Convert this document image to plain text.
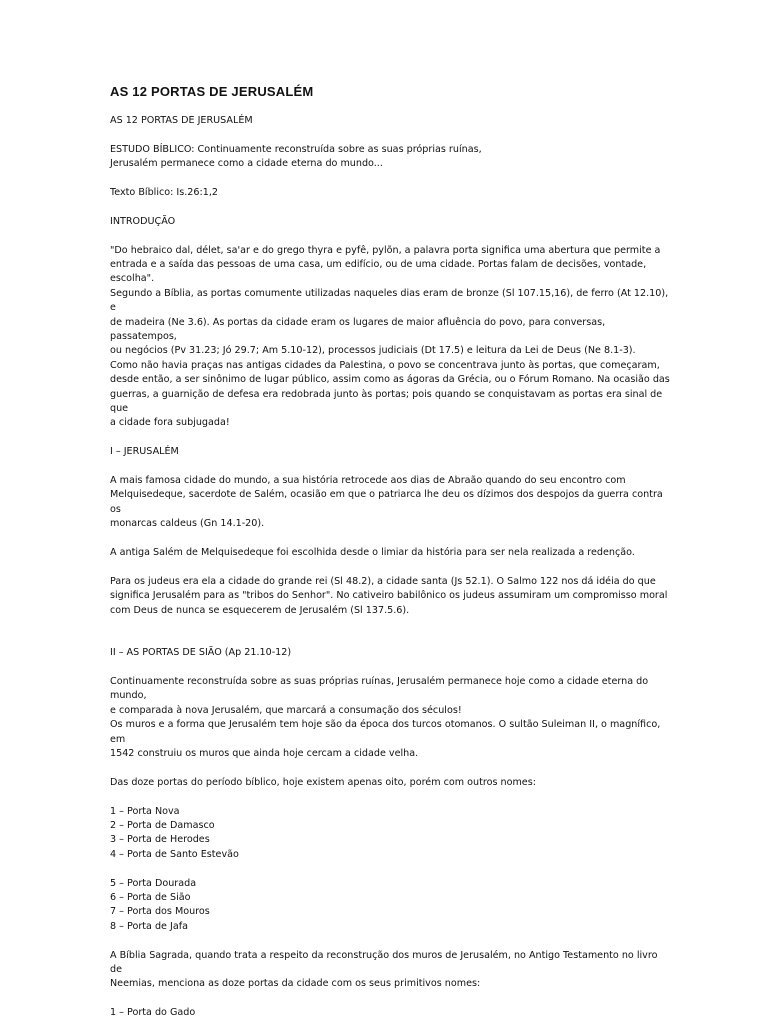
AS 12 PORTAS DE JERUSALÉM

AS 12 PORTAS DE JERUSALÉM

ESTUDO BÍBLICO: Continuamente reconstruída sobre as suas próprias ruínas,
Jerusalém permanece como a cidade eterna do mundo...

Texto Bíblico: Is.26:1,2

INTRODUÇÃO

"Do hebraico dal, délet, sa'ar e do grego thyra e pyfê, pylõn, a palavra porta significa uma abertura que permite a
entrada e a saída das pessoas de uma casa, um edifício, ou de uma cidade. Portas falam de decisões, vontade,
escolha".
Segundo a Bíblia, as portas comumente utilizadas naqueles dias eram de bronze (Sl 107.15,16), de ferro (At 12.10), e
de madeira (Ne 3.6). As portas da cidade eram os lugares de maior afluência do povo, para conversas, passatempos,
ou negócios (Pv 31.23; Jó 29.7; Am 5.10-12), processos judiciais (Dt 17.5) e leitura da Lei de Deus (Ne 8.1-3).
Como não havia praças nas antigas cidades da Palestina, o povo se concentrava junto às portas, que começaram,
desde então, a ser sinônimo de lugar público, assim como as ágoras da Grécia, ou o Fórum Romano. Na ocasião das
guerras, a guarnição de defesa era redobrada junto às portas; pois quando se conquistavam as portas era sinal de que
a cidade fora subjugada!

I – JERUSALÉM

A mais famosa cidade do mundo, a sua história retrocede aos dias de Abraão quando do seu encontro com
Melquisedeque, sacerdote de Salém, ocasião em que o patriarca lhe deu os dízimos dos despojos da guerra contra os
monarcas caldeus (Gn 14.1-20).

A antiga Salém de Melquisedeque foi escolhida desde o limiar da história para ser nela realizada a redenção.

Para os judeus era ela a cidade do grande rei (Sl 48.2), a cidade santa (Js 52.1). O Salmo 122 nos dá idéia do que
significa Jerusalém para as "tribos do Senhor". No cativeiro babilônico os judeus assumiram um compromisso moral
com Deus de nunca se esquecerem de Jerusalém (Sl 137.5.6).

II – AS PORTAS DE SIÃO (Ap 21.10-12)

Continuamente reconstruída sobre as suas próprias ruínas, Jerusalém permanece hoje como a cidade eterna do mundo,
e comparada à nova Jerusalém, que marcará a consumação dos séculos!
Os muros e a forma que Jerusalém tem hoje são da época dos turcos otomanos. O sultão Suleiman II, o magnífico, em
1542 construiu os muros que ainda hoje cercam a cidade velha.

Das doze portas do período bíblico, hoje existem apenas oito, porém com outros nomes:

1 – Porta Nova
2 – Porta de Damasco
3 – Porta de Herodes
4 – Porta de Santo Estevão

5 – Porta Dourada
6 – Porta de Sião
7 – Porta dos Mouros
8 – Porta de Jafa

A Bíblia Sagrada, quando trata a respeito da reconstrução dos muros de Jerusalém, no Antigo Testamento no livro de
Neemias, menciona as doze portas da cidade com os seus primitivos nomes:

1 – Porta do Gado
